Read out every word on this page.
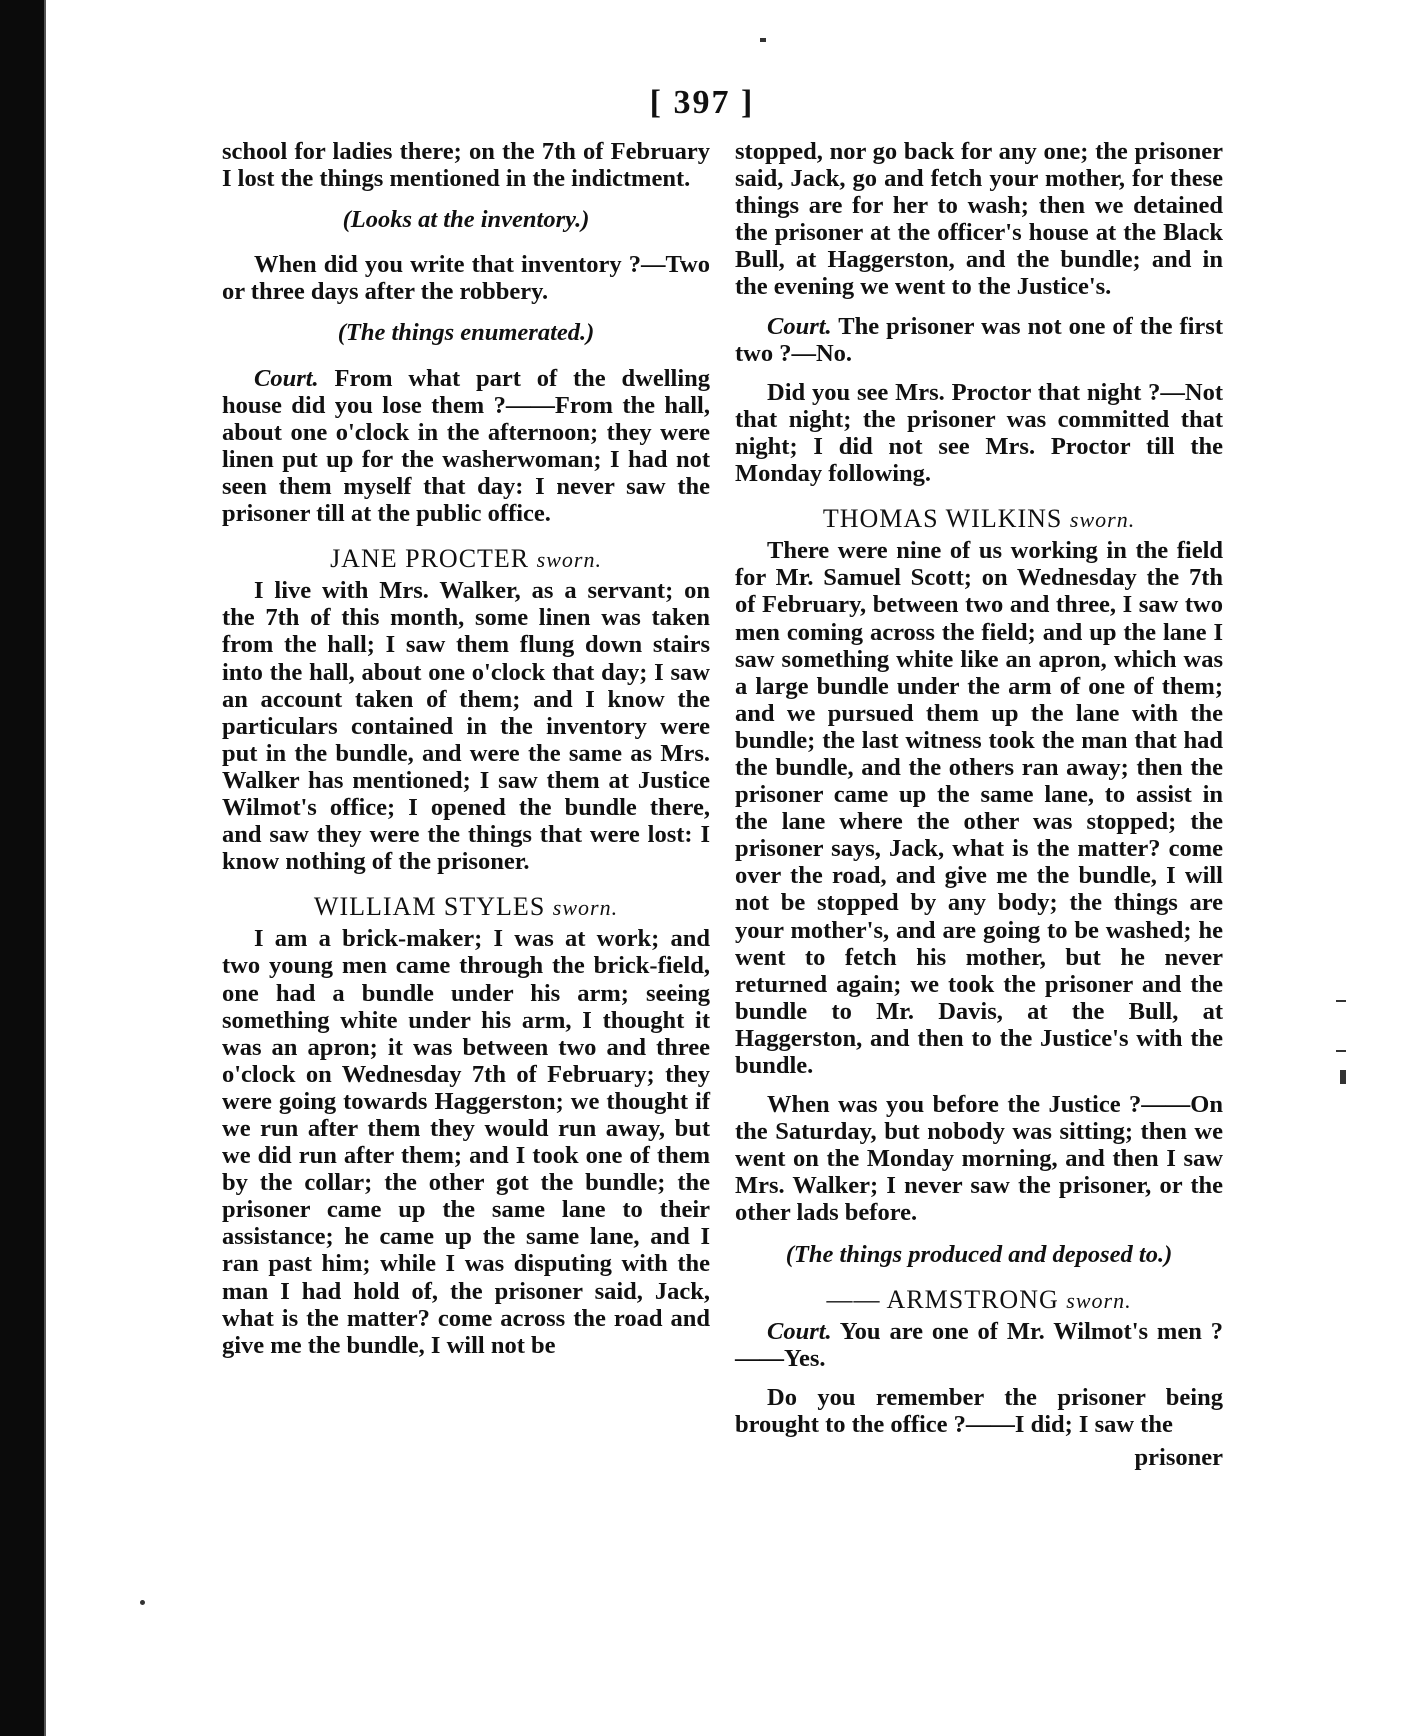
[ 397 ]

school for ladies there; on the 7th of February I lost the things mentioned in the indictment.

(Looks at the inventory.)

When did you write that inventory ?—Two or three days after the robbery.

(The things enumerated.)

Court. From what part of the dwelling house did you lose them ?——From the hall, about one o'clock in the afternoon; they were linen put up for the washerwoman; I had not seen them myself that day: I never saw the prisoner till at the public office.

JANE PROCTER sworn.

I live with Mrs. Walker, as a servant; on the 7th of this month, some linen was taken from the hall; I saw them flung down stairs into the hall, about one o'clock that day; I saw an account taken of them; and I know the particulars contained in the inventory were put in the bundle, and were the same as Mrs. Walker has mentioned; I saw them at Justice Wilmot's office; I opened the bundle there, and saw they were the things that were lost: I know nothing of the prisoner.

WILLIAM STYLES sworn.

I am a brick-maker; I was at work; and two young men came through the brick-field, one had a bundle under his arm; seeing something white under his arm, I thought it was an apron; it was between two and three o'clock on Wednesday 7th of February; they were going towards Haggerston; we thought if we run after them they would run away, but we did run after them; and I took one of them by the collar; the other got the bundle; the prisoner came up the same lane to their assistance; he came up the same lane, and I ran past him; while I was disputing with the man I had hold of, the prisoner said, Jack, what is the matter? come across the road and give me the bundle, I will not be

stopped, nor go back for any one; the prisoner said, Jack, go and fetch your mother, for these things are for her to wash; then we detained the prisoner at the officer's house at the Black Bull, at Haggerston, and the bundle; and in the evening we went to the Justice's.

Court. The prisoner was not one of the first two ?—No.

Did you see Mrs. Proctor that night ?—Not that night; the prisoner was committed that night; I did not see Mrs. Proctor till the Monday following.

THOMAS WILKINS sworn.

There were nine of us working in the field for Mr. Samuel Scott; on Wednesday the 7th of February, between two and three, I saw two men coming across the field; and up the lane I saw something white like an apron, which was a large bundle under the arm of one of them; and we pursued them up the lane with the bundle; the last witness took the man that had the bundle, and the others ran away; then the prisoner came up the same lane, to assist in the lane where the other was stopped; the prisoner says, Jack, what is the matter? come over the road, and give me the bundle, I will not be stopped by any body; the things are your mother's, and are going to be washed; he went to fetch his mother, but he never returned again; we took the prisoner and the bundle to Mr. Davis, at the Bull, at Haggerston, and then to the Justice's with the bundle.

When was you before the Justice ?——On the Saturday, but nobody was sitting; then we went on the Monday morning, and then I saw Mrs. Walker; I never saw the prisoner, or the other lads before.

(The things produced and deposed to.)

—— ARMSTRONG sworn.

Court. You are one of Mr. Wilmot's men ?——Yes.

Do you remember the prisoner being brought to the office ?——I did; I saw the

prisoner
